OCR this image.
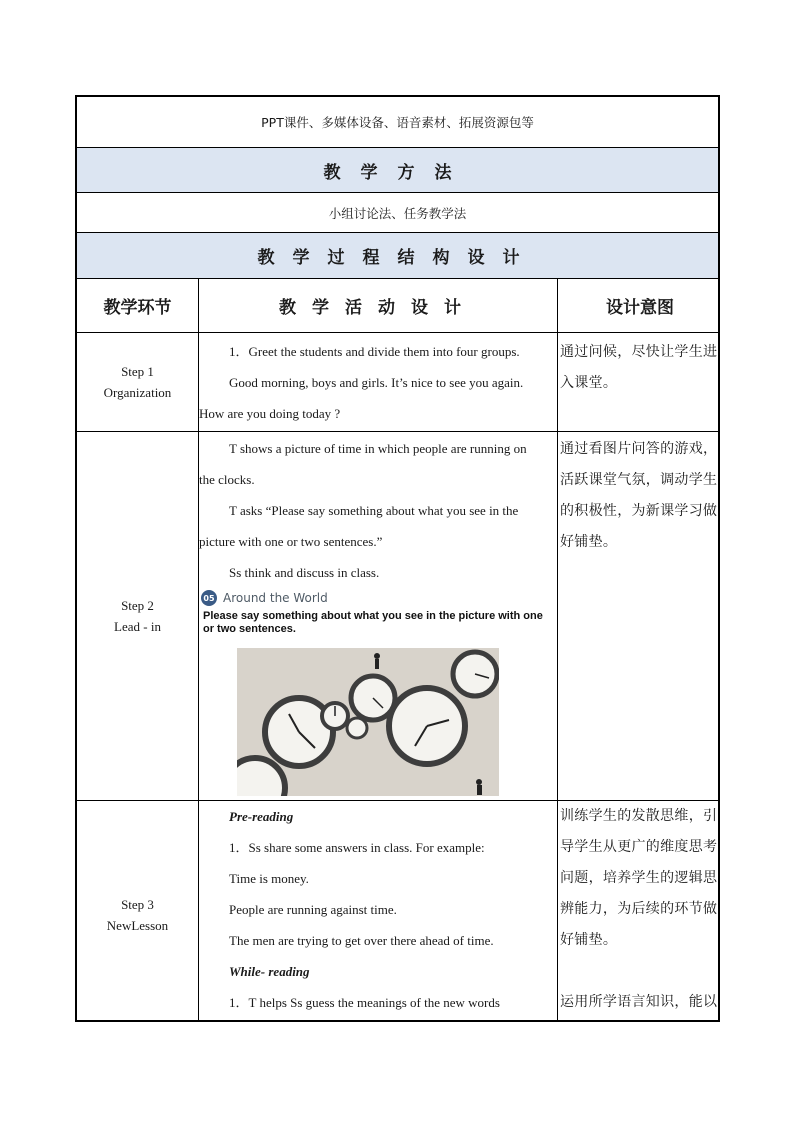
PPT课件、多媒体设备、语音素材、拓展资源包等
教学方法
小组讨论法、任务教学法
教学过程结构设计
教学环节	教学活动设计	设计意图
Step 1
Organization

1．Greet the students and divide them into four groups.

Good morning, boys and girls. It’s nice to see you again.

How are you doing today ?

通过问候，尽快让学生进

入课堂。

Step 2
Lead - in

T shows a picture of time in which people are running on

the clocks.

T asks “Please say something about what you see in the

picture with one or two sentences.”

Ss think and discuss in class.

05 Around the World
Please say something about what you see in the picture with one
or two sentences.

通过看图片问答的游戏，

活跃课堂气氛，调动学生

的积极性，为新课学习做

好铺垫。

Step 3
NewLesson

Pre-reading

1．Ss share some answers in class. For example:

Time is money.

People are running against time.

The men are trying to get over there ahead of time.

While- reading

1．T helps Ss guess the meanings of the new words

训练学生的发散思维，引

导学生从更广的维度思考

问题，培养学生的逻辑思

辨能力，为后续的环节做

好铺垫。

运用所学语言知识，能以
